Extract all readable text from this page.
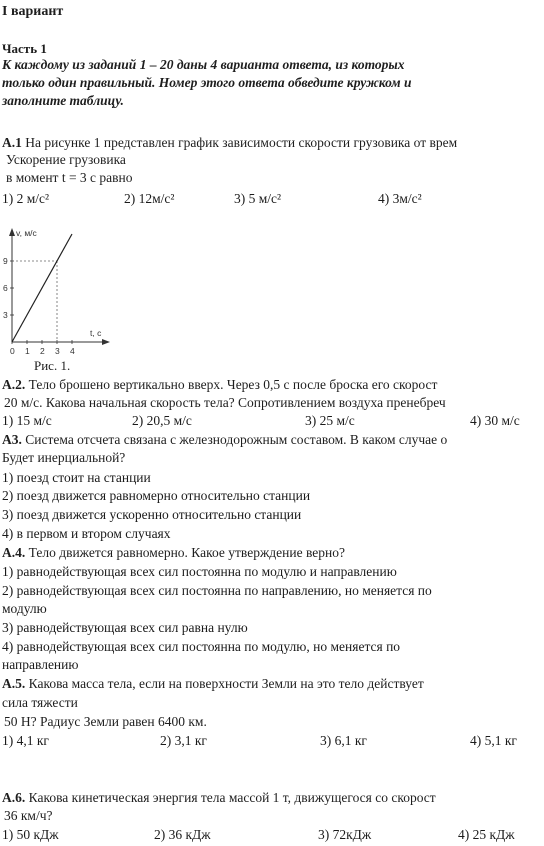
I вариант
Часть 1
К каждому из заданий 1 – 20 даны 4 варианта ответа, из которых
только один правильный. Номер этого ответа обведите кружком и
заполните таблицу.
А.1 На рисунке 1 представлен график зависимости скорости грузовика от врем
Ускорение грузовика
в момент t = 3 с равно
1) 2 м/с²	2) 12м/с²	3) 5 м/с²	4) 3м/с²
v, м/с
t, с
3
6
9
0 1 2 3 4
Рис. 1.
А.2. Тело брошено вертикально вверх. Через 0,5 с после броска его скорост
20 м/с. Какова начальная скорость тела? Сопротивлением воздуха пренебреч
1) 15 м/с	2) 20,5 м/с	3) 25 м/с	4) 30 м/с
А3. Система отсчета связана с железнодорожным составом. В каком случае о
Будет инерциальной?
1) поезд стоит на станции
2) поезд движется равномерно относительно станции
3) поезд движется ускоренно относительно станции
4) в первом и втором случаях
А.4. Тело движется равномерно. Какое утверждение верно?
1) равнодействующая всех сил постоянна по модулю и направлению
2) равнодействующая всех сил постоянна по направлению, но меняется по
модулю
3) равнодействующая всех сил равна нулю
4) равнодействующая всех сил постоянна по модулю, но меняется по
направлению
А.5. Какова масса тела, если на поверхности Земли на это тело действует
сила тяжести
50 Н? Радиус Земли равен 6400 км.
1) 4,1 кг	2) 3,1 кг	3) 6,1 кг	4) 5,1 кг
А.6. Какова кинетическая энергия тела массой 1 т, движущегося со скорост
36 км/ч?
1) 50 кДж	2) 36 кДж	3) 72кДж	4) 25 кДж
